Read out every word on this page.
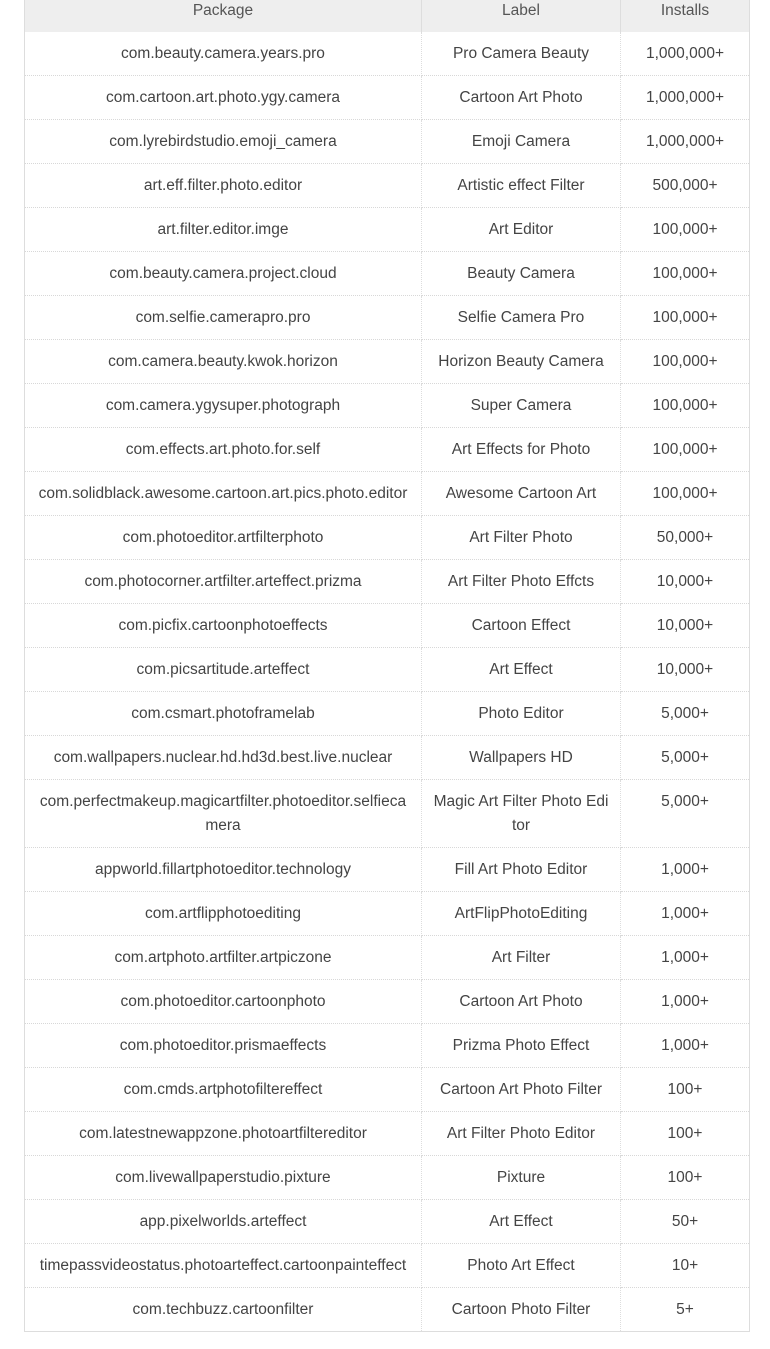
Package	Label	Installs
com.beauty.camera.years.pro	Pro Camera Beauty	1,000,000+
com.cartoon.art.photo.ygy.camera	Cartoon Art Photo	1,000,000+
com.lyrebirdstudio.emoji_camera	Emoji Camera	1,000,000+
art.eff.filter.photo.editor	Artistic effect Filter	500,000+
art.filter.editor.imge	Art Editor	100,000+
com.beauty.camera.project.cloud	Beauty Camera	100,000+
com.selfie.camerapro.pro	Selfie Camera Pro	100,000+
com.camera.beauty.kwok.horizon	Horizon Beauty Camera	100,000+
com.camera.ygysuper.photograph	Super Camera	100,000+
com.effects.art.photo.for.self	Art Effects for Photo	100,000+
com.solidblack.awesome.cartoon.art.pics.photo.editor	Awesome Cartoon Art	100,000+
com.photoeditor.artfilterphoto	Art Filter Photo	50,000+
com.photocorner.artfilter.arteffect.prizma	Art Filter Photo Effcts	10,000+
com.picfix.cartoonphotoeffects	Cartoon Effect	10,000+
com.picsartitude.arteffect	Art Effect	10,000+
com.csmart.photoframelab	Photo Editor	5,000+
com.wallpapers.nuclear.hd.hd3d.best.live.nuclear	Wallpapers HD	5,000+
com.perfectmakeup.magicartfilter.photoeditor.selfiecamera	Magic Art Filter Photo Editor	5,000+
appworld.fillartphotoeditor.technology	Fill Art Photo Editor	1,000+
com.artflipphotoediting	ArtFlipPhotoEditing	1,000+
com.artphoto.artfilter.artpiczone	Art Filter	1,000+
com.photoeditor.cartoonphoto	Cartoon Art Photo	1,000+
com.photoeditor.prismaeffects	Prizma Photo Effect	1,000+
com.cmds.artphotofiltereffect	Cartoon Art Photo Filter	100+
com.latestnewappzone.photoartfiltereditor	Art Filter Photo Editor	100+
com.livewallpaperstudio.pixture	Pixture	100+
app.pixelworlds.arteffect	Art Effect	50+
timepassvideostatus.photoarteffect.cartoonpainteffect	Photo Art Effect	10+
com.techbuzz.cartoonfilter	Cartoon Photo Filter	5+
